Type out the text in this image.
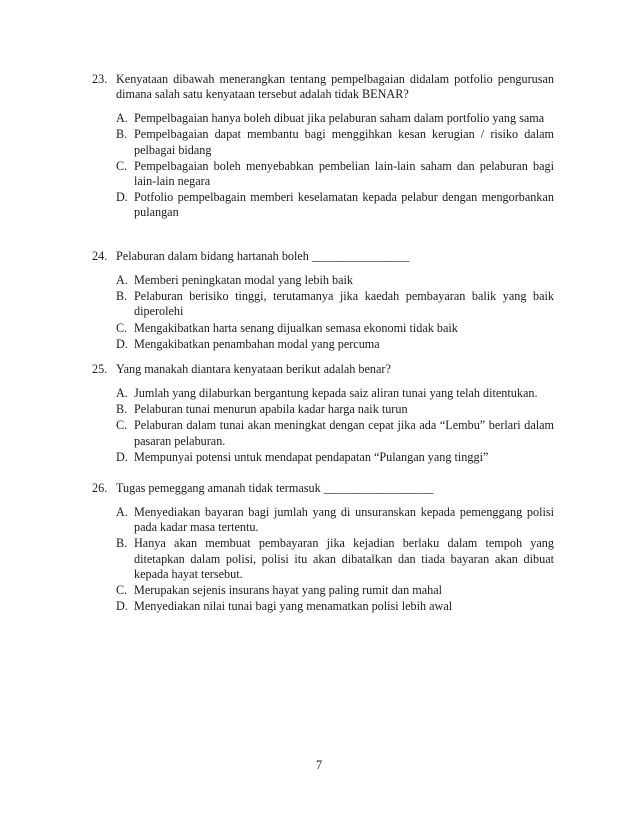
23. Kenyataan dibawah menerangkan tentang pempelbagaian didalam potfolio pengurusan dimana salah satu kenyataan tersebut adalah tidak BENAR?
A. Pempelbagaian hanya boleh dibuat jika pelaburan saham dalam portfolio yang sama
B. Pempelbagaian dapat membantu bagi menggihkan kesan kerugian / risiko dalam pelbagai bidang
C. Pempelbagaian boleh menyebabkan pembelian lain-lain saham dan pelaburan bagi lain-lain negara
D. Potfolio pempelbagain memberi keselamatan kepada pelabur dengan mengorbankan pulangan
24. Pelaburan dalam bidang hartanah boleh ________________
A. Memberi peningkatan modal yang lebih baik
B. Pelaburan berisiko tinggi, terutamanya jika kaedah pembayaran balik yang baik diperolehi
C. Mengakibatkan harta senang dijualkan semasa ekonomi tidak baik
D. Mengakibatkan penambahan modal yang percuma
25. Yang manakah diantara kenyataan berikut adalah benar?
A. Jumlah yang dilaburkan bergantung kepada saiz aliran tunai yang telah ditentukan.
B. Pelaburan tunai menurun apabila kadar harga naik turun
C. Pelaburan dalam tunai akan meningkat dengan cepat jika ada “Lembu” berlari dalam pasaran pelaburan.
D. Mempunyai potensi untuk mendapat pendapatan “Pulangan yang tinggi”
26. Tugas pemeggang amanah tidak termasuk __________________
A. Menyediakan bayaran bagi jumlah yang di unsuranskan kepada pemenggang polisi pada kadar masa tertentu.
B. Hanya akan membuat pembayaran jika kejadian berlaku dalam tempoh yang ditetapkan dalam polisi, polisi itu akan dibatalkan dan tiada bayaran akan dibuat kepada hayat tersebut.
C. Merupakan sejenis insurans hayat yang paling rumit dan mahal
D. Menyediakan nilai tunai bagi yang menamatkan polisi lebih awal
7
